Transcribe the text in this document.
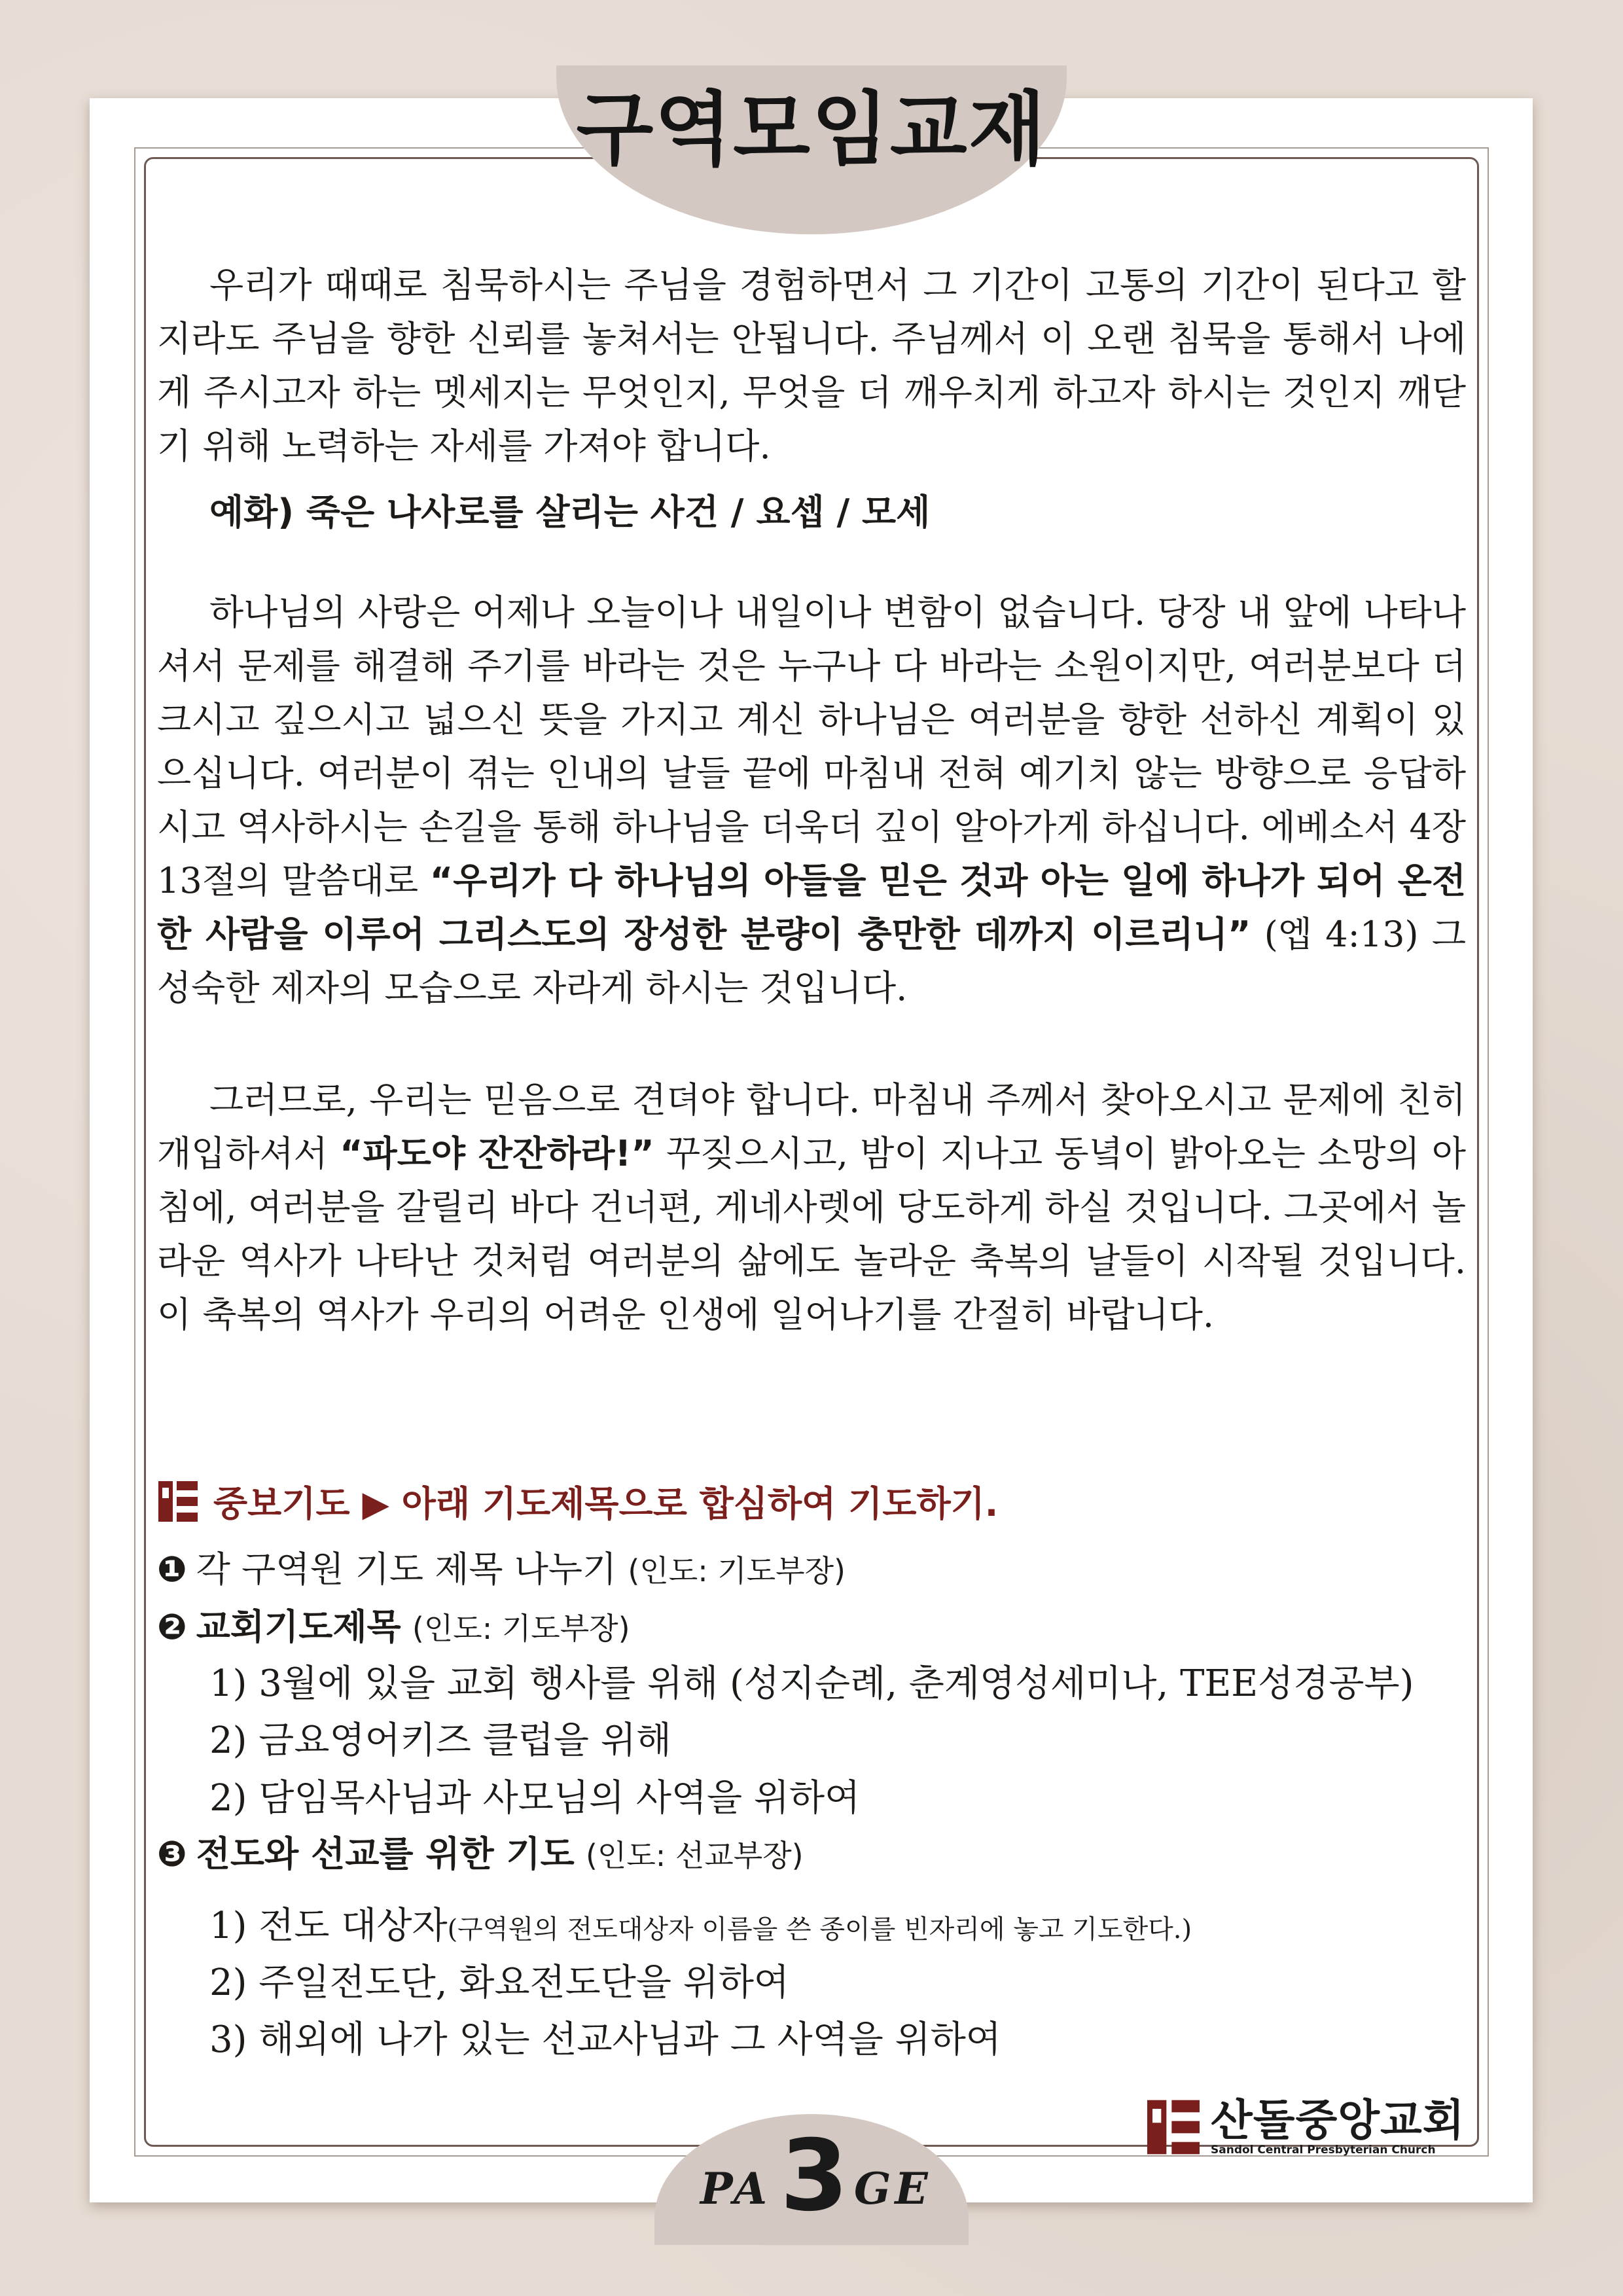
구역모임교재

우리가 때때로 침묵하시는 주님을 경험하면서 그 기간이 고통의 기간이 된다고 할지라도 주님을 향한 신뢰를 놓쳐서는 안됩니다. 주님께서 이 오랜 침묵을 통해서 나에게 주시고자 하는 멧세지는 무엇인지, 무엇을 더 깨우치게 하고자 하시는 것인지 깨닫기 위해 노력하는 자세를 가져야 합니다.

예화) 죽은 나사로를 살리는 사건 / 요셉 / 모세

하나님의 사랑은 어제나 오늘이나 내일이나 변함이 없습니다. 당장 내 앞에 나타나셔서 문제를 해결해 주기를 바라는 것은 누구나 다 바라는 소원이지만, 여러분보다 더 크시고 깊으시고 넓으신 뜻을 가지고 계신 하나님은 여러분을 향한 선하신 계획이 있으십니다. 여러분이 겪는 인내의 날들 끝에 마침내 전혀 예기치 않는 방향으로 응답하시고 역사하시는 손길을 통해 하나님을 더욱더 깊이 알아가게 하십니다. 에베소서 4장 13절의 말씀대로 “우리가 다 하나님의 아들을 믿은 것과 아는 일에 하나가 되어 온전한 사람을 이루어 그리스도의 장성한 분량이 충만한 데까지 이르리니” (엡 4:13) 그 성숙한 제자의 모습으로 자라게 하시는 것입니다.

그러므로, 우리는 믿음으로 견뎌야 합니다. 마침내 주께서 찾아오시고 문제에 친히 개입하셔서 “파도야 잔잔하라!” 꾸짖으시고, 밤이 지나고 동녘이 밝아오는 소망의 아침에, 여러분을 갈릴리 바다 건너편, 게네사렛에 당도하게 하실 것입니다. 그곳에서 놀라운 역사가 나타난 것처럼 여러분의 삶에도 놀라운 축복의 날들이 시작될 것입니다. 이 축복의 역사가 우리의 어려운 인생에 일어나기를 간절히 바랍니다.

중보기도 ▶ 아래 기도제목으로 합심하여 기도하기.
❶ 각 구역원 기도 제목 나누기 (인도: 기도부장)
❷ 교회기도제목 (인도: 기도부장)
1) 3월에 있을 교회 행사를 위해 (성지순례, 춘계영성세미나, TEE성경공부)
2) 금요영어키즈 클럽을 위해
2) 담임목사님과 사모님의 사역을 위하여
❸ 전도와 선교를 위한 기도 (인도: 선교부장)
1) 전도 대상자(구역원의 전도대상자 이름을 쓴 종이를 빈자리에 놓고 기도한다.)
2) 주일전도단, 화요전도단을 위하여
3) 해외에 나가 있는 선교사님과 그 사역을 위하여
산돌중앙교회
Sandol Central Presbyterian Church
PA 3 GE
